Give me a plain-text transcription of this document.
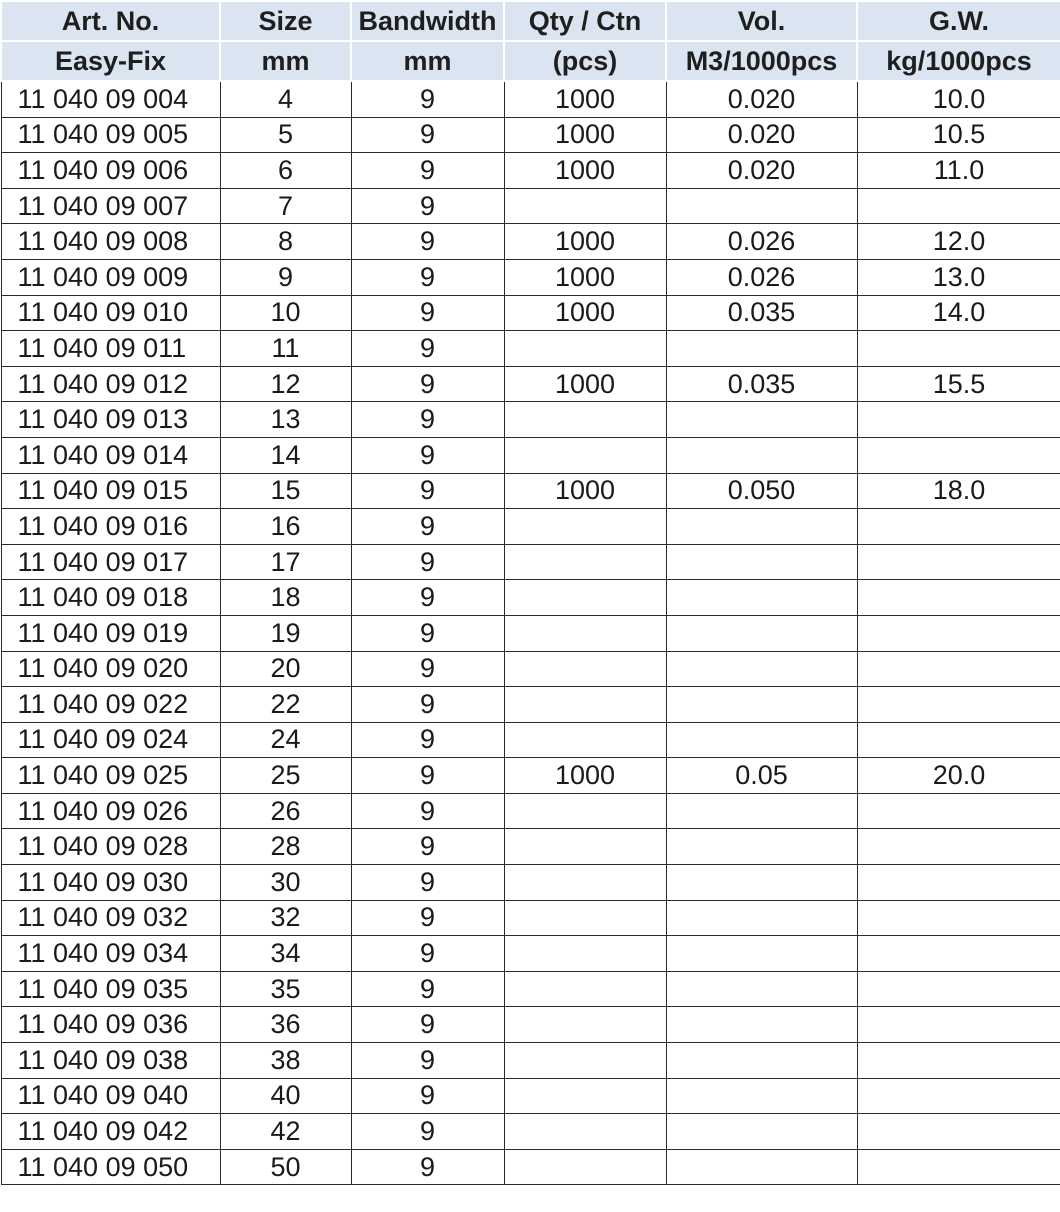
Art. No.	Size	Bandwidth	Qty / Ctn	Vol.	G.W.
Easy-Fix	mm	mm	(pcs)	M3/1000pcs	kg/1000pcs
11 040 09 004	4	9	1000	0.020	10.0
11 040 09 005	5	9	1000	0.020	10.5
11 040 09 006	6	9	1000	0.020	11.0
11 040 09 007	7	9			
11 040 09 008	8	9	1000	0.026	12.0
11 040 09 009	9	9	1000	0.026	13.0
11 040 09 010	10	9	1000	0.035	14.0
11 040 09 011	11	9			
11 040 09 012	12	9	1000	0.035	15.5
11 040 09 013	13	9			
11 040 09 014	14	9			
11 040 09 015	15	9	1000	0.050	18.0
11 040 09 016	16	9			
11 040 09 017	17	9			
11 040 09 018	18	9			
11 040 09 019	19	9			
11 040 09 020	20	9			
11 040 09 022	22	9			
11 040 09 024	24	9			
11 040 09 025	25	9	1000	0.05	20.0
11 040 09 026	26	9			
11 040 09 028	28	9			
11 040 09 030	30	9			
11 040 09 032	32	9			
11 040 09 034	34	9			
11 040 09 035	35	9			
11 040 09 036	36	9			
11 040 09 038	38	9			
11 040 09 040	40	9			
11 040 09 042	42	9			
11 040 09 050	50	9			
